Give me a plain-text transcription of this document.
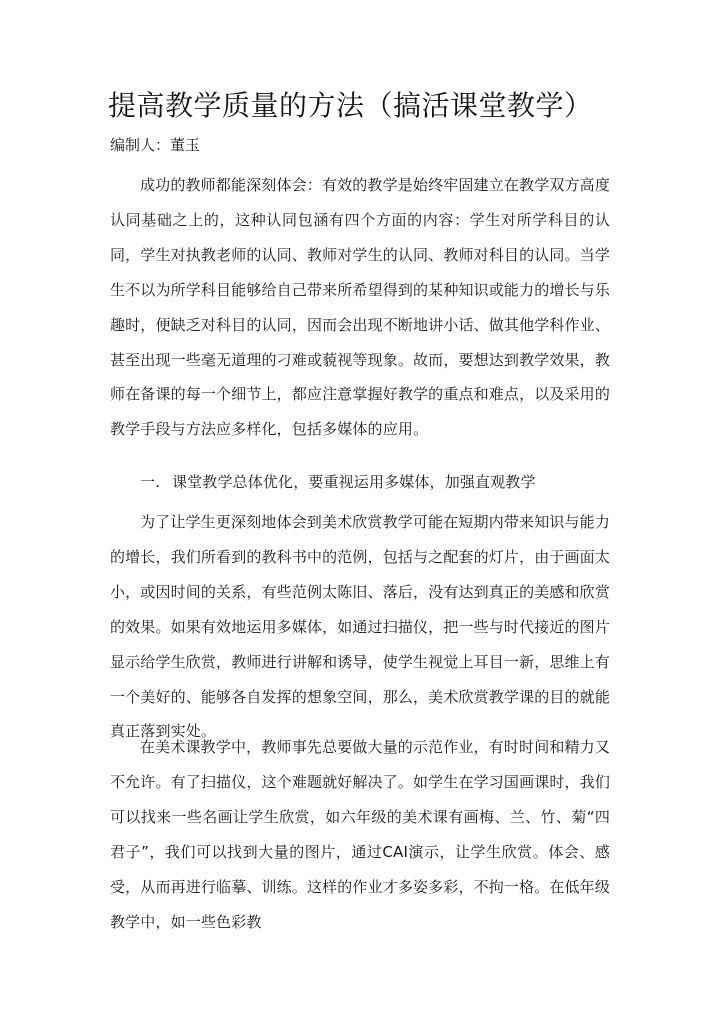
提高教学质量的方法（搞活课堂教学）
编制人：董玉

成功的教师都能深刻体会：有效的教学是始终牢固建立在教学双方高度认同基础之上的，这种认同包涵有四个方面的内容：学生对所学科目的认同，学生对执教老师的认同、教师对学生的认同、教师对科目的认同。当学生不以为所学科目能够给自己带来所希望得到的某种知识或能力的增长与乐趣时，便缺乏对科目的认同，因而会出现不断地讲小话、做其他学科作业、甚至出现一些毫无道理的刁难或藐视等现象。故而，要想达到教学效果，教师在备课的每一个细节上，都应注意掌握好教学的重点和难点，以及采用的教学手段与方法应多样化，包括多媒体的应用。

一. 课堂教学总体优化，要重视运用多媒体，加强直观教学

为了让学生更深刻地体会到美术欣赏教学可能在短期内带来知识与能力的增长，我们所看到的教科书中的范例，包括与之配套的灯片，由于画面太小，或因时间的关系，有些范例太陈旧、落后，没有达到真正的美感和欣赏的效果。如果有效地运用多媒体，如通过扫描仪，把一些与时代接近的图片显示给学生欣赏，教师进行讲解和诱导，使学生视觉上耳目一新，思维上有一个美好的、能够各自发挥的想象空间，那么，美术欣赏教学课的目的就能真正落到实处。

在美术课教学中，教师事先总要做大量的示范作业，有时时间和精力又不允许。有了扫描仪，这个难题就好解决了。如学生在学习国画课时，我们可以找来一些名画让学生欣赏，如六年级的美术课有画梅、兰、竹、菊“四君子”，我们可以找到大量的图片，通过CAI演示，让学生欣赏。体会、感受，从而再进行临摹、训练。这样的作业才多姿多彩，不拘一格。在低年级教学中，如一些色彩教
